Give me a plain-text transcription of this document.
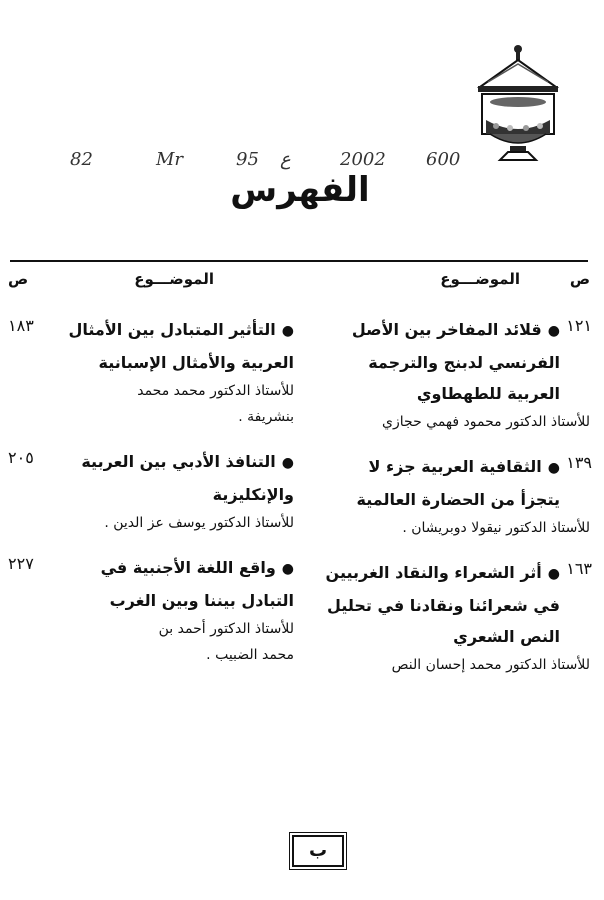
82	Mr	95 ع	2002 600
الفهرس
الموضـــوع	ص
١٢١
●قلائد المفاخر بين الأصل
الفرنسي لدبنج والترجمة
العربية للطهطاوي
للأستاذ الدكتور محمود فهمي حجازي
١٣٩
●الثقافية العربية جزء لا
يتجزأ من الحضارة العالمية
للأستاذ الدكتور نيقولا دوبريشان .
١٦٣
●أثر الشعراء والنقاد الغربيين
في شعرائنا ونقادنا في تحليل
النص الشعري
للأستاذ الدكتور محمد إحسان النص
الموضـــوع
ص
١٨٣	●التأثير المتبادل بين الأمثال
العربية والأمثال الإسبانية
للأستاذ الدكتور محمد محمد
بنشريفة .
٢٠٥	●التنافذ الأدبي بين العربية
والإنكليزية
للأستاذ الدكتور يوسف عز الدين .
٢٢٧	●واقع اللغة الأجنبية في
التبادل بيننا وبين الغرب
للأستاذ الدكتور أحمد بن
محمد الضبيب .
ب
